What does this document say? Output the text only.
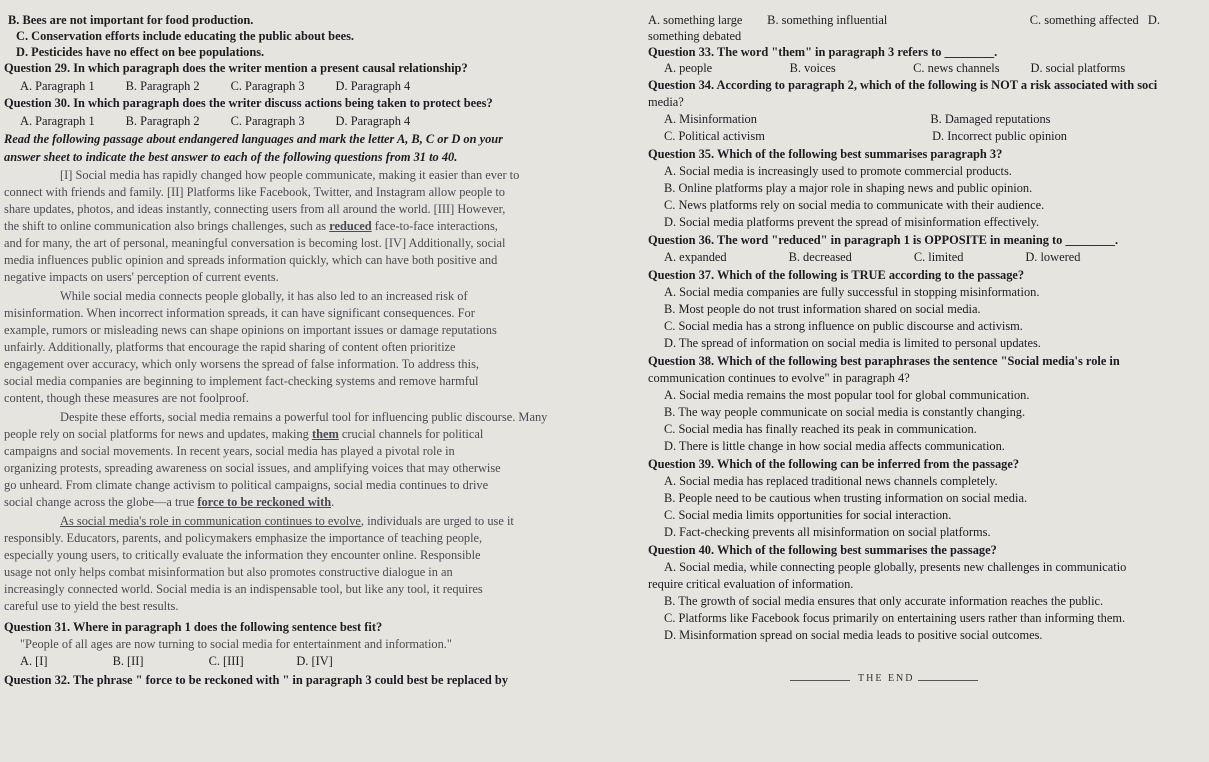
B. Bees are not important for food production.
C. Conservation efforts include educating the public about bees.
D. Pesticides have no effect on bee populations.
Question 29. In which paragraph does the writer mention a present causal relationship?
A. Paragraph 1          B. Paragraph 2          C. Paragraph 3          D. Paragraph 4
Question 30. In which paragraph does the writer discuss actions being taken to protect bees?
A. Paragraph 1          B. Paragraph 2          C. Paragraph 3          D. Paragraph 4
Read the following passage about endangered languages and mark the letter A, B, C or D on your
answer sheet to indicate the best answer to each of the following questions from 31 to 40.
[I] Social media has rapidly changed how people communicate, making it easier than ever to
connect with friends and family. [II] Platforms like Facebook, Twitter, and Instagram allow people to
share updates, photos, and ideas instantly, connecting users from all around the world. [III] However,
the shift to online communication also brings challenges, such as reduced face-to-face interactions,
and for many, the art of personal, meaningful conversation is becoming lost. [IV] Additionally, social
media influences public opinion and spreads information quickly, which can have both positive and
negative impacts on users' perception of current events.
While social media connects people globally, it has also led to an increased risk of
misinformation. When incorrect information spreads, it can have significant consequences. For
example, rumors or misleading news can shape opinions on important issues or damage reputations
unfairly. Additionally, platforms that encourage the rapid sharing of content often prioritize
engagement over accuracy, which only worsens the spread of false information. To address this,
social media companies are beginning to implement fact-checking systems and remove harmful
content, though these measures are not foolproof.
Despite these efforts, social media remains a powerful tool for influencing public discourse. Many
people rely on social platforms for news and updates, making them crucial channels for political
campaigns and social movements. In recent years, social media has played a pivotal role in
organizing protests, spreading awareness on social issues, and amplifying voices that may otherwise
go unheard. From climate change activism to political campaigns, social media continues to drive
social change across the globe—a true force to be reckoned with.
As social media's role in communication continues to evolve, individuals are urged to use it
responsibly. Educators, parents, and policymakers emphasize the importance of teaching people,
especially young users, to critically evaluate the information they encounter online. Responsible
usage not only helps combat misinformation but also promotes constructive dialogue in an
increasingly connected world. Social media is an indispensable tool, but like any tool, it requires
careful use to yield the best results.
Question 31. Where in paragraph 1 does the following sentence best fit?
"People of all ages are now turning to social media for entertainment and information."
A. [I]                     B. [II]                     C. [III]                 D. [IV]
Question 32. The phrase " force to be reckoned with " in paragraph 3 could best be replaced by
A. something large        B. something influential                                              C. something affected   D.
something debated
Question 33. The word "them" in paragraph 3 refers to ________.
A. people                         B. voices                         C. news channels          D. social platforms
Question 34. According to paragraph 2, which of the following is NOT a risk associated with soci
media?
A. Misinformation                                                        B. Damaged reputations
C. Political activism                                                      D. Incorrect public opinion
Question 35. Which of the following best summarises paragraph 3?
A. Social media is increasingly used to promote commercial products.
B. Online platforms play a major role in shaping news and public opinion.
C. News platforms rely on social media to communicate with their audience.
D. Social media platforms prevent the spread of misinformation effectively.
Question 36. The word "reduced" in paragraph 1 is OPPOSITE in meaning to ________.
A. expanded                    B. decreased                    C. limited                    D. lowered
Question 37. Which of the following is TRUE according to the passage?
A. Social media companies are fully successful in stopping misinformation.
B. Most people do not trust information shared on social media.
C. Social media has a strong influence on public discourse and activism.
D. The spread of information on social media is limited to personal updates.
Question 38. Which of the following best paraphrases the sentence "Social media's role in
communication continues to evolve" in paragraph 4?
A. Social media remains the most popular tool for global communication.
B. The way people communicate on social media is constantly changing.
C. Social media has finally reached its peak in communication.
D. There is little change in how social media affects communication.
Question 39. Which of the following can be inferred from the passage?
A. Social media has replaced traditional news channels completely.
B. People need to be cautious when trusting information on social media.
C. Social media limits opportunities for social interaction.
D. Fact-checking prevents all misinformation on social platforms.
Question 40. Which of the following best summarises the passage?
A. Social media, while connecting people globally, presents new challenges in communicatio
require critical evaluation of information.
B. The growth of social media ensures that only accurate information reaches the public.
C. Platforms like Facebook focus primarily on entertaining users rather than informing them.
D. Misinformation spread on social media leads to positive social outcomes.
THE END
